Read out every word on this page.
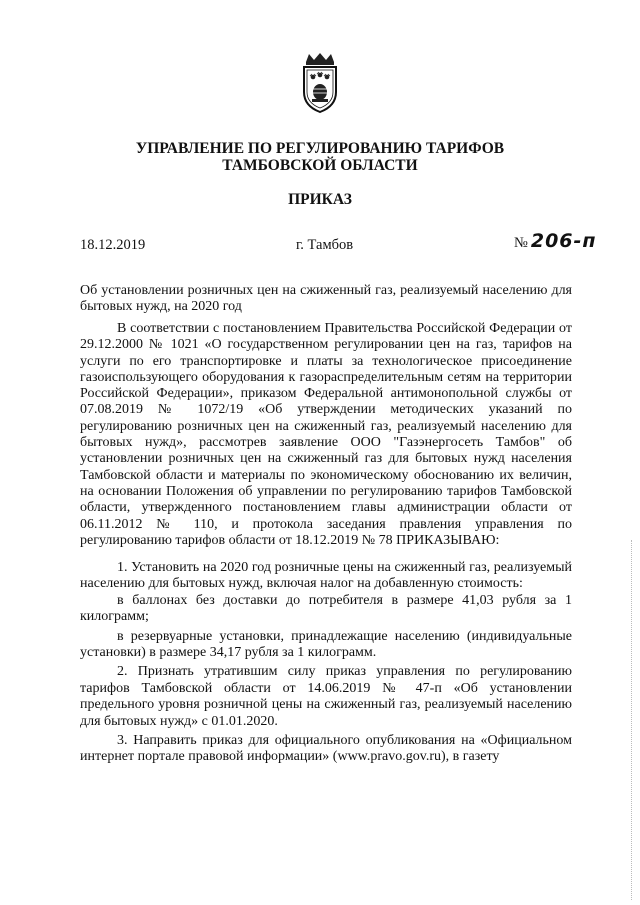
УПРАВЛЕНИЕ ПО РЕГУЛИРОВАНИЮ ТАРИФОВ
ТАМБОВСКОЙ ОБЛАСТИ
ПРИКАЗ
18.12.2019	г. Тамбов	№ 206-п
Об установлении розничных цен на сжиженный газ, реализуемый населению для бытовых нужд, на 2020 год
В соответствии с постановлением Правительства Российской Федерации от 29.12.2000 № 1021 «О государственном регулировании цен на газ, тарифов на услуги по его транспортировке и платы за технологическое присоединение газоиспользующего оборудования к газораспределительным сетям на территории Российской Федерации», приказом Федеральной антимонопольной службы от 07.08.2019 № 1072/19 «Об утверждении методических указаний по регулированию розничных цен на сжиженный газ, реализуемый населению для бытовых нужд», рассмотрев заявление ООО "Газэнергосеть Тамбов" об установлении розничных цен на сжиженный газ для бытовых нужд населения Тамбовской области и материалы по экономическому обоснованию их величин, на основании Положения об управлении по регулированию тарифов Тамбовской области, утвержденного постановлением главы администрации области от 06.11.2012 № 110, и протокола заседания правления управления по регулированию тарифов области от 18.12.2019 № 78 ПРИКАЗЫВАЮ:

1. Установить на 2020 год розничные цены на сжиженный газ, реализуемый населению для бытовых нужд, включая налог на добавленную стоимость:

в баллонах без доставки до потребителя в размере 41,03 рубля за 1 килограмм;

в резервуарные установки, принадлежащие населению (индивидуальные установки) в размере 34,17 рубля за 1 килограмм.

2. Признать утратившим силу приказ управления по регулированию тарифов Тамбовской области от 14.06.2019 № 47-п «Об установлении предельного уровня розничной цены на сжиженный газ, реализуемый населению для бытовых нужд» с 01.01.2020.

3. Направить приказ для официального опубликования на «Официальном интернет портале правовой информации» (www.pravo.gov.ru), в газету
